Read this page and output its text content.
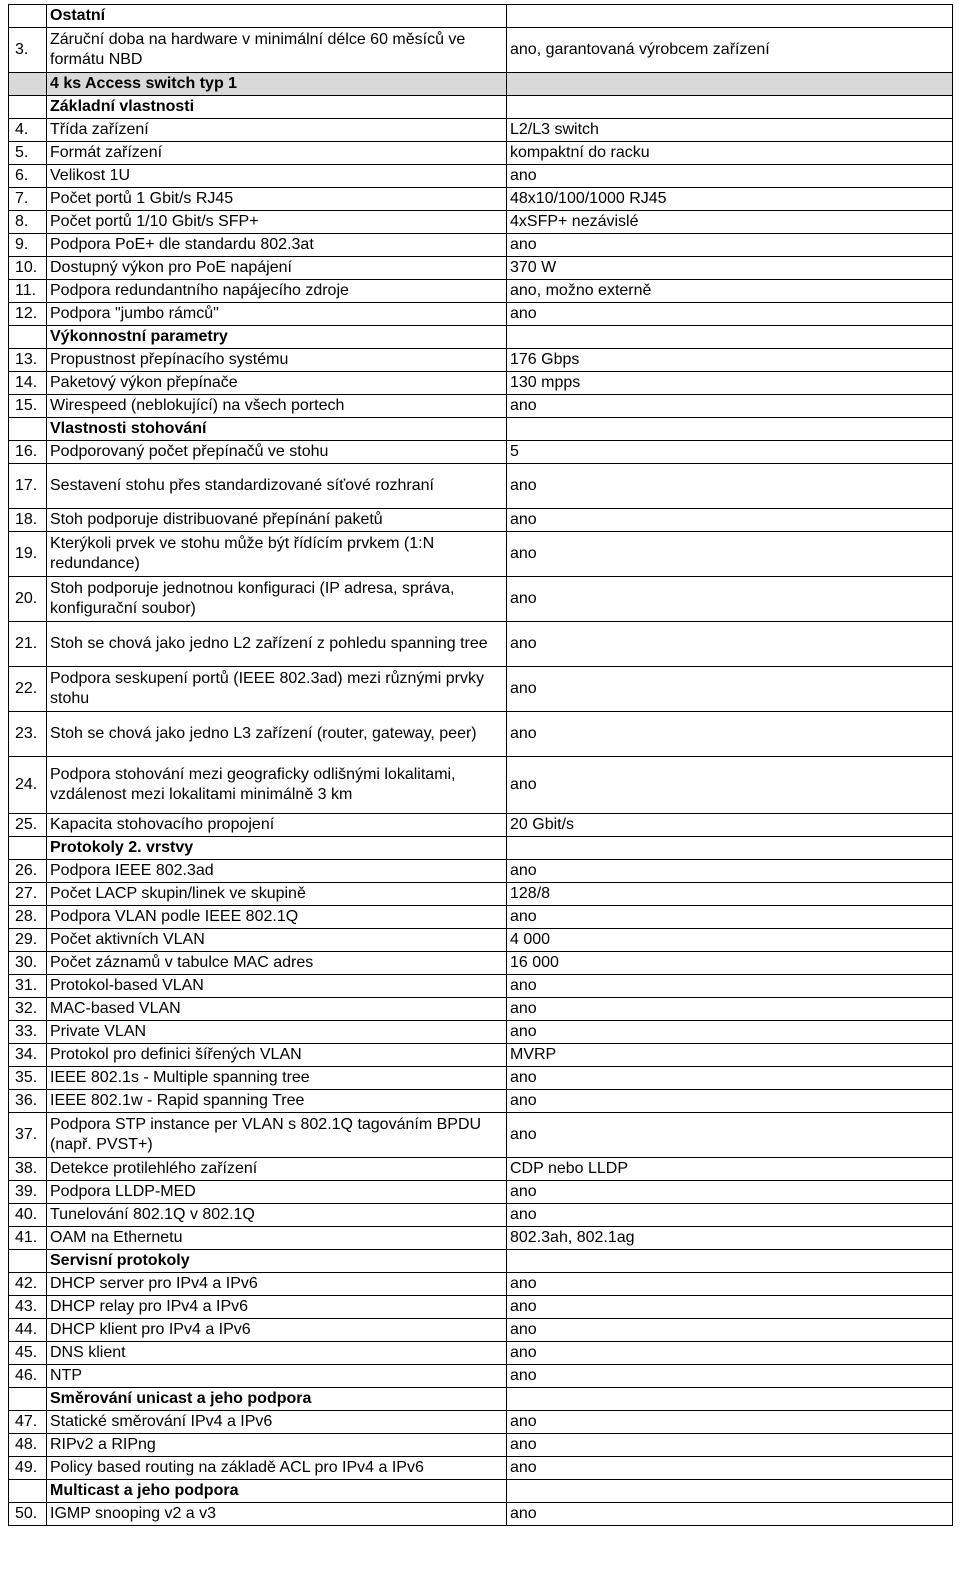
	Ostatní	
3.	Záruční doba na hardware v minimální délce 60 měsíců ve formátu NBD	ano, garantovaná výrobcem zařízení
	4 ks Access switch typ 1	
	Základní vlastnosti	
4.	Třída zařízení	L2/L3 switch
5.	Formát zařízení	kompaktní do racku
6.	Velikost 1U	ano
7.	Počet portů 1 Gbit/s RJ45	48x10/100/1000 RJ45
8.	Počet portů 1/10 Gbit/s SFP+	4xSFP+ nezávislé
9.	Podpora PoE+ dle standardu 802.3at	ano
10.	Dostupný výkon pro PoE napájení	370 W
11.	Podpora redundantního napájecího zdroje	ano, možno externě
12.	Podpora "jumbo rámců"	ano
	Výkonnostní parametry	
13.	Propustnost přepínacího systému	176 Gbps
14.	Paketový výkon přepínače	130 mpps
15.	Wirespeed (neblokující) na všech portech	ano
	Vlastnosti stohování	
16.	Podporovaný počet přepínačů ve stohu	5
17.	Sestavení stohu přes standardizované síťové rozhraní	ano
18.	Stoh podporuje distribuované přepínání paketů	ano
19.	Kterýkoli prvek ve stohu může být řídícím prvkem (1:N redundance)	ano
20.	Stoh podporuje jednotnou konfiguraci (IP adresa, správa, konfigurační soubor)	ano
21.	Stoh se chová jako jedno L2 zařízení z pohledu spanning tree	ano
22.	Podpora seskupení portů (IEEE 802.3ad) mezi různými prvky stohu	ano
23.	Stoh se chová jako jedno L3 zařízení (router, gateway, peer)	ano
24.	Podpora stohování mezi geograficky odlišnými lokalitami, vzdálenost mezi lokalitami minimálně 3 km	ano
25.	Kapacita stohovacího propojení	20 Gbit/s
	Protokoly 2. vrstvy	
26.	Podpora IEEE 802.3ad	ano
27.	Počet LACP skupin/linek ve skupině	128/8
28.	Podpora VLAN podle IEEE 802.1Q	ano
29.	Počet aktivních VLAN	4 000
30.	Počet záznamů v tabulce MAC adres	16 000
31.	Protokol-based VLAN	ano
32.	MAC-based VLAN	ano
33.	Private VLAN	ano
34.	Protokol pro definici šířených VLAN	MVRP
35.	IEEE 802.1s - Multiple spanning tree	ano
36.	IEEE 802.1w - Rapid spanning Tree	ano
37.	Podpora STP instance per VLAN s 802.1Q tagováním BPDU (např. PVST+)	ano
38.	Detekce protilehlého zařízení	CDP nebo LLDP
39.	Podpora LLDP-MED	ano
40.	Tunelování 802.1Q v 802.1Q	ano
41.	OAM na Ethernetu	802.3ah, 802.1ag
	Servisní protokoly	
42.	DHCP server pro IPv4 a IPv6	ano
43.	DHCP relay pro IPv4 a IPv6	ano
44.	DHCP klient pro IPv4 a IPv6	ano
45.	DNS klient	ano
46.	NTP	ano
	Směrování unicast a jeho podpora	
47.	Statické směrování IPv4 a IPv6	ano
48.	RIPv2 a RIPng	ano
49.	Policy based routing na základě ACL pro IPv4 a IPv6	ano
	Multicast a jeho podpora	
50.	IGMP snooping v2 a v3	ano
